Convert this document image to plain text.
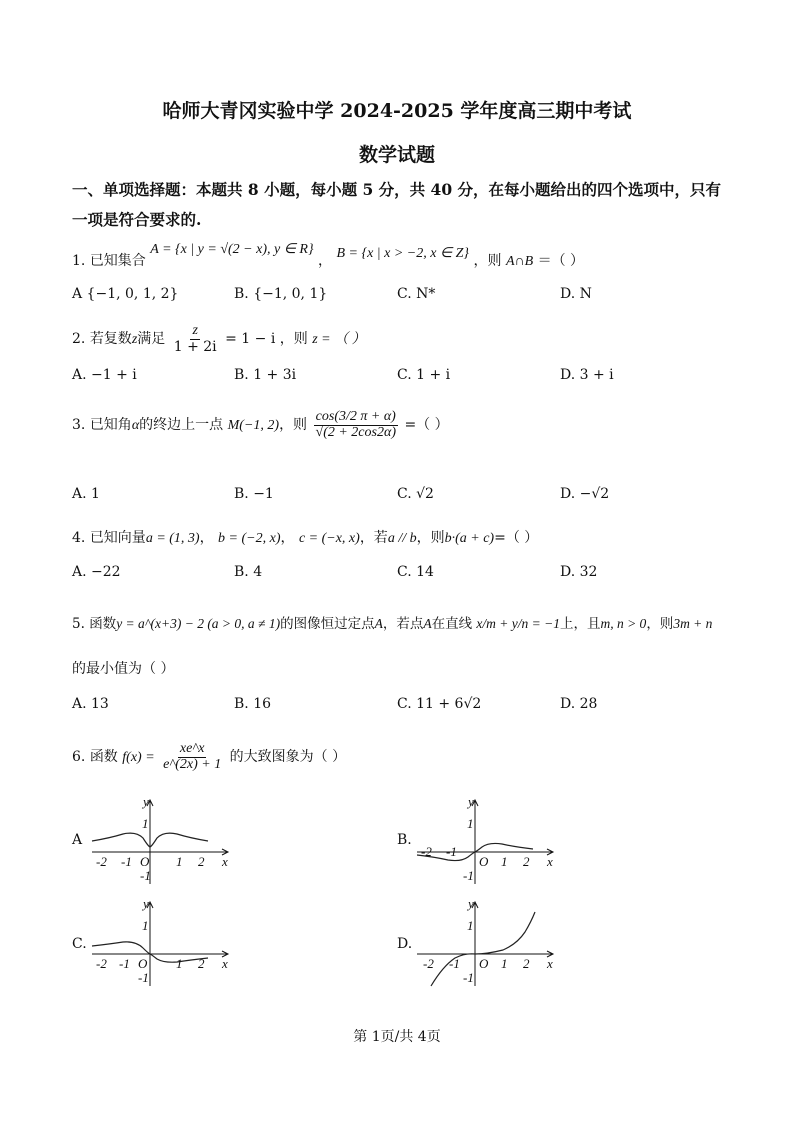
哈师大青冈实验中学 2024-2025 学年度高三期中考试
数学试题
一、单项选择题：本题共 8 小题，每小题 5 分，共 40 分，在每小题给出的四个选项中，只有
一项是符合要求的.
1. 已知集合 A = {x | y = √(2 − x), y ∈ R} ， B = {x | x > −2, x ∈ Z} ，则 A∩B ＝（ ）
A {−1, 0, 1, 2}	B. {−1, 0, 1}	C. N*	D. N
2. 若复数z满足 $\frac{z}{1 + 2i} = 1 - i$ ，则 z = （ ）
A. −1 + i	B. 1 + 3i	C. 1 + i	D. 3 + i
3. 已知角α的终边上一点 M(−1, 2)，则 $\frac{\cos(3/2 \pi + \alpha)}{√(2 + 2\cos 2\alpha)}$ =（ ）
A. 1	B. −1	C. √2	D. −√2
4. 已知向量a = (1, 3)， b = (−2, x)， c = (−x, x)，若a // b，则b·(a + c)=（ ）
A. −22	B. 4	C. 14	D. 32
5. 函数y = a^(x+3) − 2 (a > 0, a ≠ 1)的图像恒过定点A，若点A在直线 x/m + y/n = −1上，且m, n > 0，则3m + n
的最小值为（ ）
A. 13	B. 16	C. 11 + 6√2	D. 28
6. 函数 $f(x) = \frac{xe\^{}x}{e\^{}(2x) + 1}$ 的大致图象为（ ）
A	B.
C.	D.
y
x
O
1
-1
-2 -1	1 2
y
x
O
1
-1
-2 -1
1 2
y
x
O
1
-1
-2 -1	1 2
y
x
O
1
-1
-2 -1	1 2
第 1页/共 4页
